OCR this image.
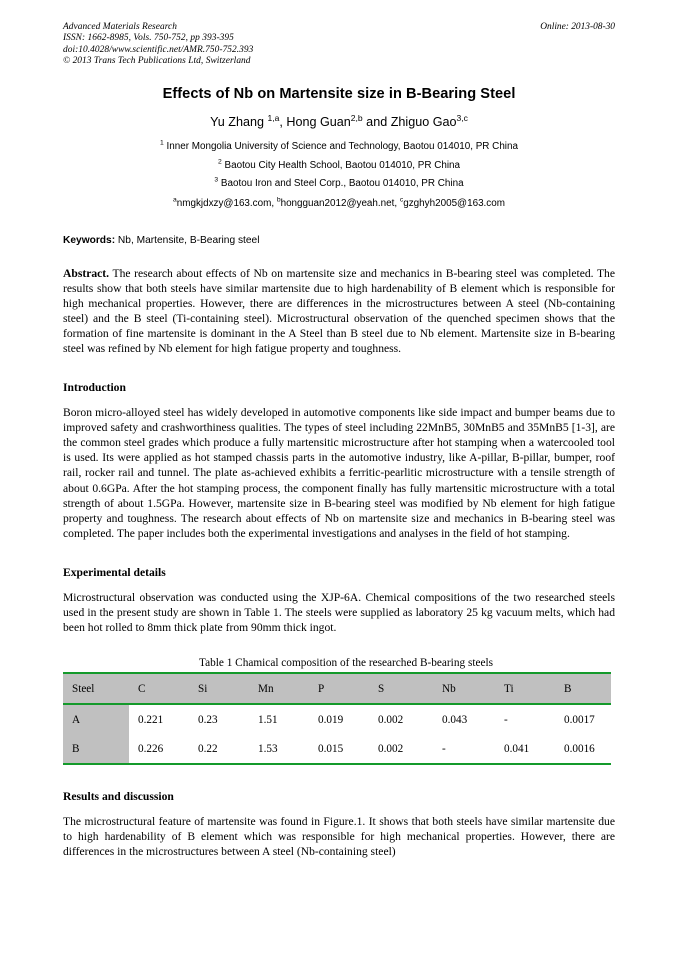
Advanced Materials Research
ISSN: 1662-8985, Vols. 750-752, pp 393-395
doi:10.4028/www.scientific.net/AMR.750-752.393
© 2013 Trans Tech Publications Ltd, Switzerland
Online: 2013-08-30
Effects of Nb on Martensite size in B-Bearing Steel
Yu Zhang $^{1,a}$, Hong Guan$^{2,b}$ and Zhiguo Gao$^{3,c}$
$^1$ Inner Mongolia University of Science and Technology, Baotou 014010, PR China
$^2$ Baotou City Health School, Baotou 014010, PR China
$^3$ Baotou Iron and Steel Corp., Baotou 014010, PR China
$^a$nmgkjdxzy@163.com, $^b$hongguan2012@yeah.net, $^c$gzghyh2005@163.com
Keywords: Nb, Martensite, B-Bearing steel

Abstract. The research about effects of Nb on martensite size and mechanics in B-bearing steel was completed. The results show that both steels have similar martensite due to high hardenability of B element which is responsible for high mechanical properties. However, there are differences in the microstructures between A steel (Nb-containing steel) and the B steel (Ti-containing steel). Microstructural observation of the quenched specimen shows that the formation of fine martensite is dominant in the A Steel than B steel due to Nb element. Martensite size in B-bearing steel was refined by Nb element for high fatigue property and toughness.

Introduction

Boron micro-alloyed steel has widely developed in automotive components like side impact and bumper beams due to improved safety and crashworthiness qualities. The types of steel including 22MnB5, 30MnB5 and 35MnB5 [1-3], are the common steel grades which produce a fully martensitic microstructure after hot stamping when a watercooled tool is used. Its were applied as hot stamped chassis parts in the automotive industry, like A-pillar, B-pillar, bumper, roof rail, rocker rail and tunnel. The plate as-achieved exhibits a ferritic-pearlitic microstructure with a tensile strength of about 0.6GPa. After the hot stamping process, the component finally has fully martensitic microstructure with a total strength of about 1.5GPa. However, martensite size in B-bearing steel was modified by Nb element for high fatigue property and toughness. The research about effects of Nb on martensite size and mechanics in B-bearing steel was completed. The paper includes both the experimental investigations and analyses in the field of hot stamping.

Experimental details

Microstructural observation was conducted using the XJP-6A. Chemical compositions of the two researched steels used in the present study are shown in Table 1. The steels were supplied as laboratory 25 kg vacuum melts, which had been hot rolled to 8mm thick plate from 90mm thick ingot.

Table 1 Chamical composition of the researched B-bearing steels
Steel	C	Si	Mn	P	S	Nb	Ti	B

A	0.221	0.23	1.51	0.019	0.002	0.043	-	0.0017

B	0.226	0.22	1.53	0.015	0.002	-	0.041	0.0016
Results and discussion

The microstructural feature of martensite was found in Figure.1. It shows that both steels have similar martensite due to high hardenability of B element which was responsible for high mechanical properties. However, there are differences in the microstructures between A steel (Nb-containing steel)
